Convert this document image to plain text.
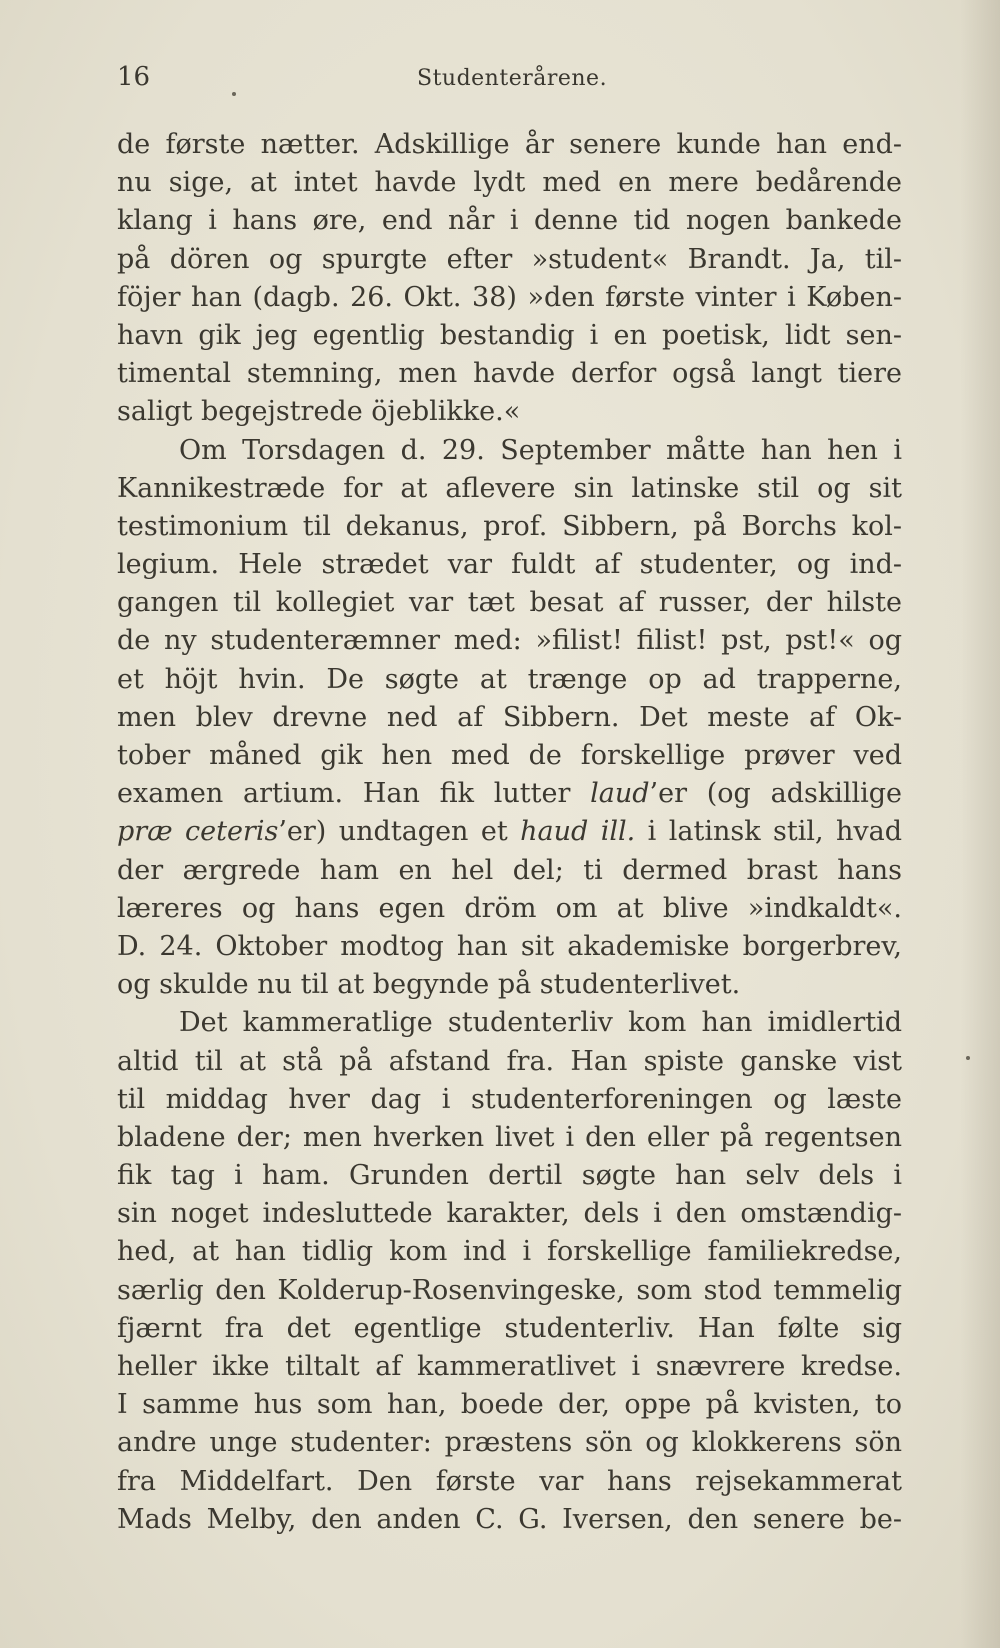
16	Studenterårene.
de første nætter. Adskillige år senere kunde han end-
nu sige, at intet havde lydt med en mere bedårende
klang i hans øre, end når i denne tid nogen bankede
på dören og spurgte efter »student« Brandt. Ja, til-
föjer han (dagb. 26. Okt. 38) »den første vinter i Køben-
havn gik jeg egentlig bestandig i en poetisk, lidt sen-
timental stemning, men havde derfor også langt tiere
saligt begejstrede öjeblikke.«
Om Torsdagen d. 29. September måtte han hen i
Kannikestræde for at aflevere sin latinske stil og sit
testimonium til dekanus, prof. Sibbern, på Borchs kol-
legium. Hele strædet var fuldt af studenter, og ind-
gangen til kollegiet var tæt besat af russer, der hilste
de ny studenteræmner med: »filist! filist! pst, pst!« og
et höjt hvin. De søgte at trænge op ad trapperne,
men blev drevne ned af Sibbern. Det meste af Ok-
tober måned gik hen med de forskellige prøver ved
examen artium. Han fik lutter laud’er (og adskillige
præ ceteris’er) undtagen et haud ill. i latinsk stil, hvad
der ærgrede ham en hel del; ti dermed brast hans
læreres og hans egen dröm om at blive »indkaldt«.
D. 24. Oktober modtog han sit akademiske borgerbrev,
og skulde nu til at begynde på studenterlivet.
Det kammeratlige studenterliv kom han imidlertid
altid til at stå på afstand fra. Han spiste ganske vist
til middag hver dag i studenterforeningen og læste
bladene der; men hverken livet i den eller på regentsen
fik tag i ham. Grunden dertil søgte han selv dels i
sin noget indesluttede karakter, dels i den omstændig-
hed, at han tidlig kom ind i forskellige familiekredse,
særlig den Kolderup-Rosenvingeske, som stod temmelig
fjærnt fra det egentlige studenterliv. Han følte sig
heller ikke tiltalt af kammeratlivet i snævrere kredse.
I samme hus som han, boede der, oppe på kvisten, to
andre unge studenter: præstens sön og klokkerens sön
fra Middelfart. Den første var hans rejsekammerat
Mads Melby, den anden C. G. Iversen, den senere be-
